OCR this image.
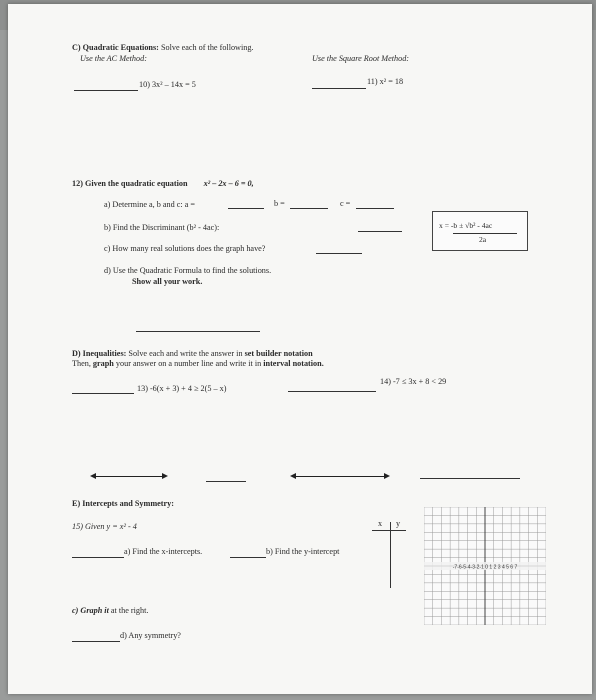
C) Quadratic Equations: Solve each of the following.
Use the AC Method:	Use the Square Root Method:
10) 3x² – 14x = 5	11) x² = 18
12) Given the quadratic equation x² – 2x – 6 = 0,
a) Determine a, b and c: a =	b =	c =
b) Find the Discriminant (b² - 4ac):
c) How many real solutions does the graph have?
x = -b ± √b² - 4ac
2a
d) Use the Quadratic Formula to find the solutions.
Show all your work.
D) Inequalities: Solve each and write the answer in set builder notation
Then, graph your answer on a number line and write it in interval notation.
13) -6(x + 3) + 4 ≥ 2(5 – x)
14) -7 ≤ 3x + 8 < 29
E) Intercepts and Symmetry:
15) Given y = x² - 4
a) Find the x-intercepts.	b) Find the y-intercept
c) Graph it at the right.
d) Any symmetry?
x y
-7-6-5-4-3-2-1 0 1 2 3 4 5 6 7
